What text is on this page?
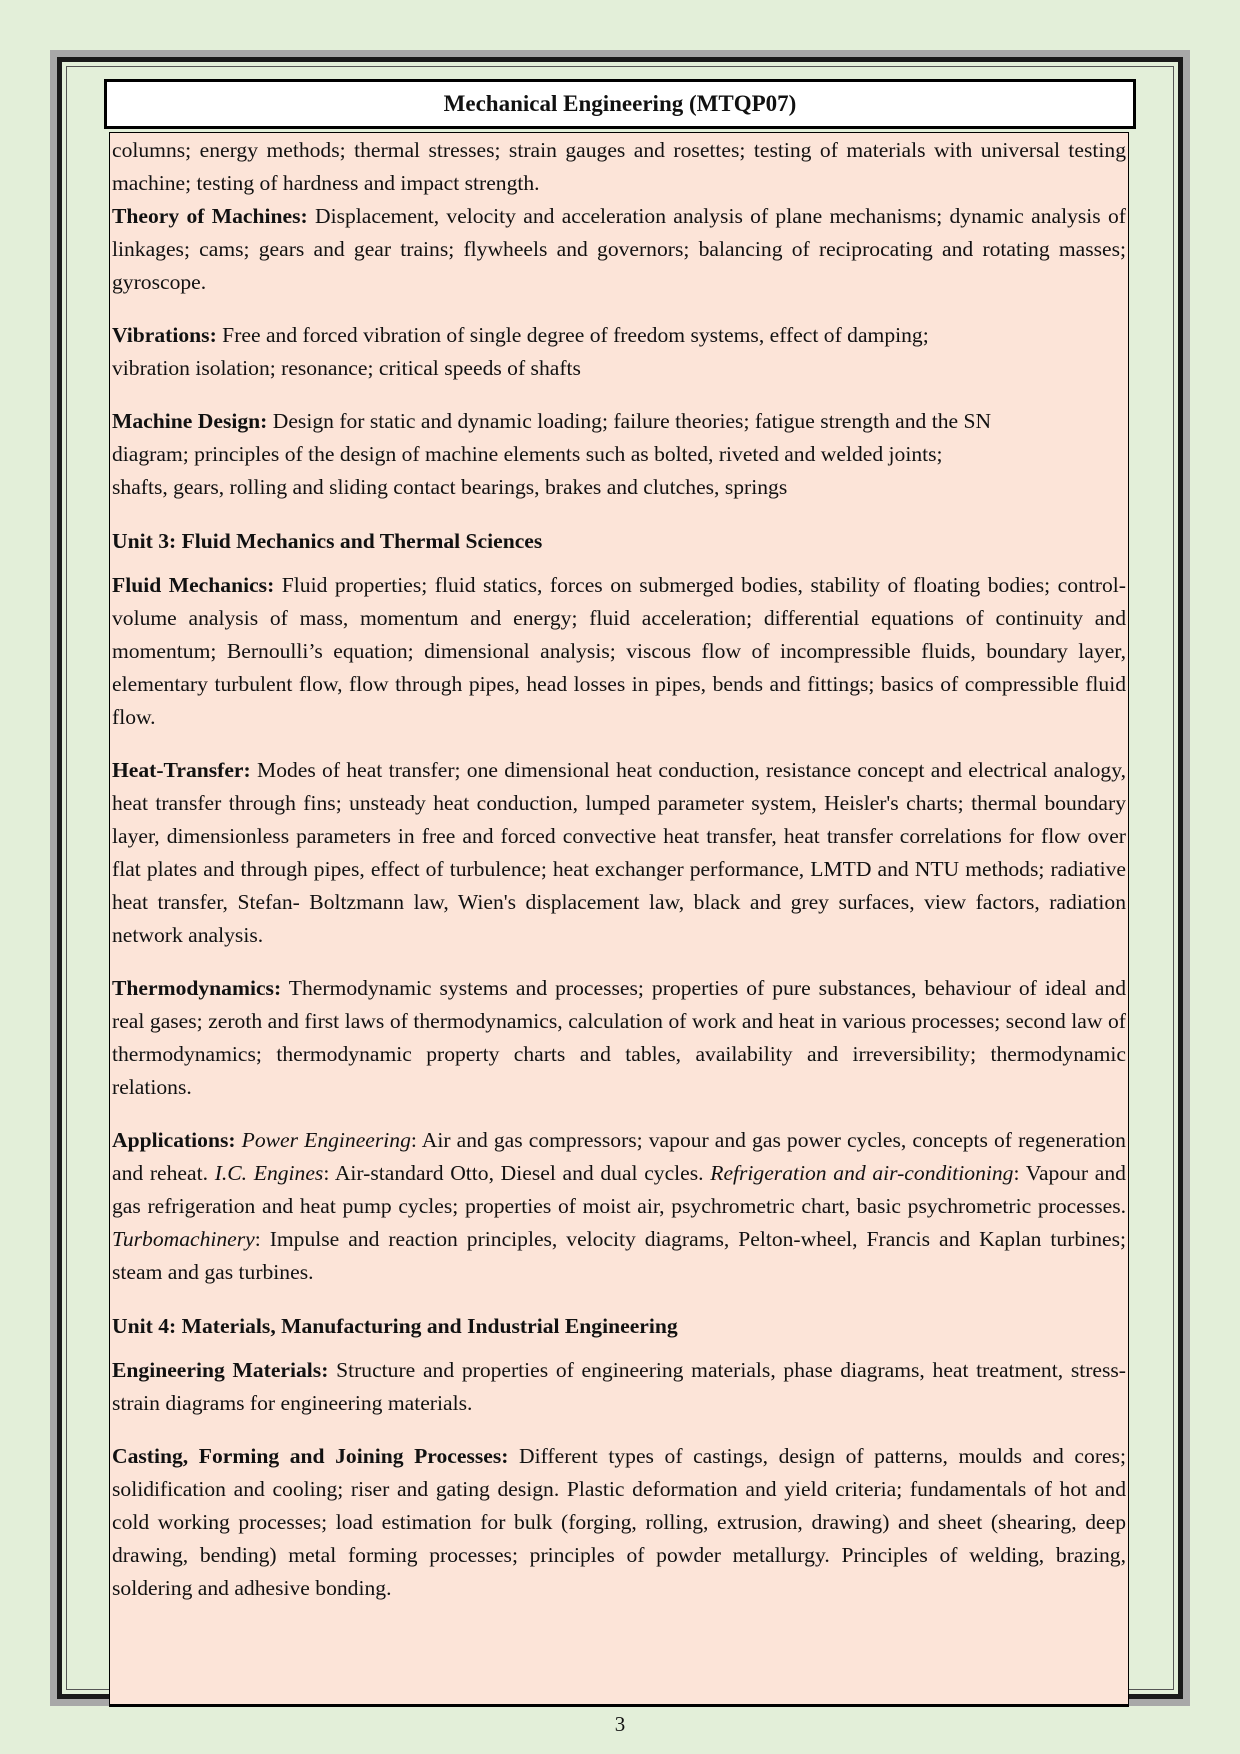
Mechanical Engineering (MTQP07)

columns; energy methods; thermal stresses; strain gauges and rosettes; testing of materials with universal testing machine; testing of hardness and impact strength.

Theory of Machines: Displacement, velocity and acceleration analysis of plane mechanisms; dynamic analysis of linkages; cams; gears and gear trains; flywheels and governors; balancing of reciprocating and rotating masses; gyroscope.

Vibrations: Free and forced vibration of single degree of freedom systems, effect of damping;
vibration isolation; resonance; critical speeds of shafts

Machine Design: Design for static and dynamic loading; failure theories; fatigue strength and the SN
diagram; principles of the design of machine elements such as bolted, riveted and welded joints;
shafts, gears, rolling and sliding contact bearings, brakes and clutches, springs

Unit 3: Fluid Mechanics and Thermal Sciences

Fluid Mechanics: Fluid properties; fluid statics, forces on submerged bodies, stability of floating bodies; control-volume analysis of mass, momentum and energy; fluid acceleration; differential equations of continuity and momentum; Bernoulli’s equation; dimensional analysis; viscous flow of incompressible fluids, boundary layer, elementary turbulent flow, flow through pipes, head losses in pipes, bends and fittings; basics of compressible fluid flow.

Heat-Transfer: Modes of heat transfer; one dimensional heat conduction, resistance concept and electrical analogy, heat transfer through fins; unsteady heat conduction, lumped parameter system, Heisler's charts; thermal boundary layer, dimensionless parameters in free and forced convective heat transfer, heat transfer correlations for flow over flat plates and through pipes, effect of turbulence; heat exchanger performance, LMTD and NTU methods; radiative heat transfer, Stefan- Boltzmann law, Wien's displacement law, black and grey surfaces, view factors, radiation network analysis.

Thermodynamics: Thermodynamic systems and processes; properties of pure substances, behaviour of ideal and real gases; zeroth and first laws of thermodynamics, calculation of work and heat in various processes; second law of thermodynamics; thermodynamic property charts and tables, availability and irreversibility; thermodynamic relations.

Applications: Power Engineering: Air and gas compressors; vapour and gas power cycles, concepts of regeneration and reheat. I.C. Engines: Air-standard Otto, Diesel and dual cycles. Refrigeration and air-conditioning: Vapour and gas refrigeration and heat pump cycles; properties of moist air, psychrometric chart, basic psychrometric processes. Turbomachinery: Impulse and reaction principles, velocity diagrams, Pelton-wheel, Francis and Kaplan turbines; steam and gas turbines.

Unit 4: Materials, Manufacturing and Industrial Engineering

Engineering Materials: Structure and properties of engineering materials, phase diagrams, heat treatment, stress-strain diagrams for engineering materials.

Casting, Forming and Joining Processes: Different types of castings, design of patterns, moulds and cores; solidification and cooling; riser and gating design. Plastic deformation and yield criteria; fundamentals of hot and cold working processes; load estimation for bulk (forging, rolling, extrusion, drawing) and sheet (shearing, deep drawing, bending) metal forming processes; principles of powder metallurgy. Principles of welding, brazing, soldering and adhesive bonding.

3
